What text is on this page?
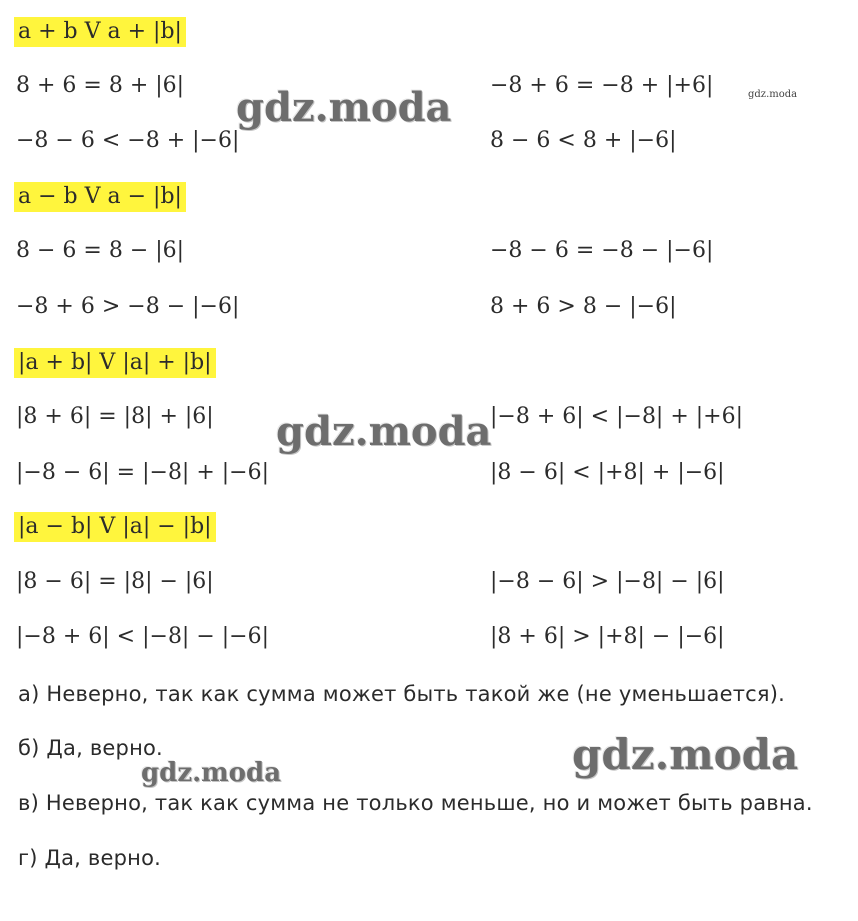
a + b V a + |b|
8 + 6 = 8 + |6|	−8 + 6 = −8 + |+6|
−8 − 6 < −8 + |−6|	8 − 6 < 8 + |−6|
a − b V a − |b|
8 − 6 = 8 − |6|	−8 − 6 = −8 − |−6|
−8 + 6 > −8 − |−6|	8 + 6 > 8 − |−6|
|a + b| V |a| + |b|
|8 + 6| = |8| + |6|	|−8 + 6| < |−8| + |+6|
|−8 − 6| = |−8| + |−6|	|8 − 6| < |+8| + |−6|
|a − b| V |a| − |b|
|8 − 6| = |8| − |6|	|−8 − 6| > |−8| − |6|
|−8 + 6| < |−8| − |−6|	|8 + 6| > |+8| − |−6|
а) Неверно, так как сумма может быть такой же (не уменьшается).
б) Да, верно.
в) Неверно, так как сумма не только меньше, но и может быть равна.
г) Да, верно.
gdz.moda	gdz.moda
gdz.moda
gdz.moda
gdz.moda
